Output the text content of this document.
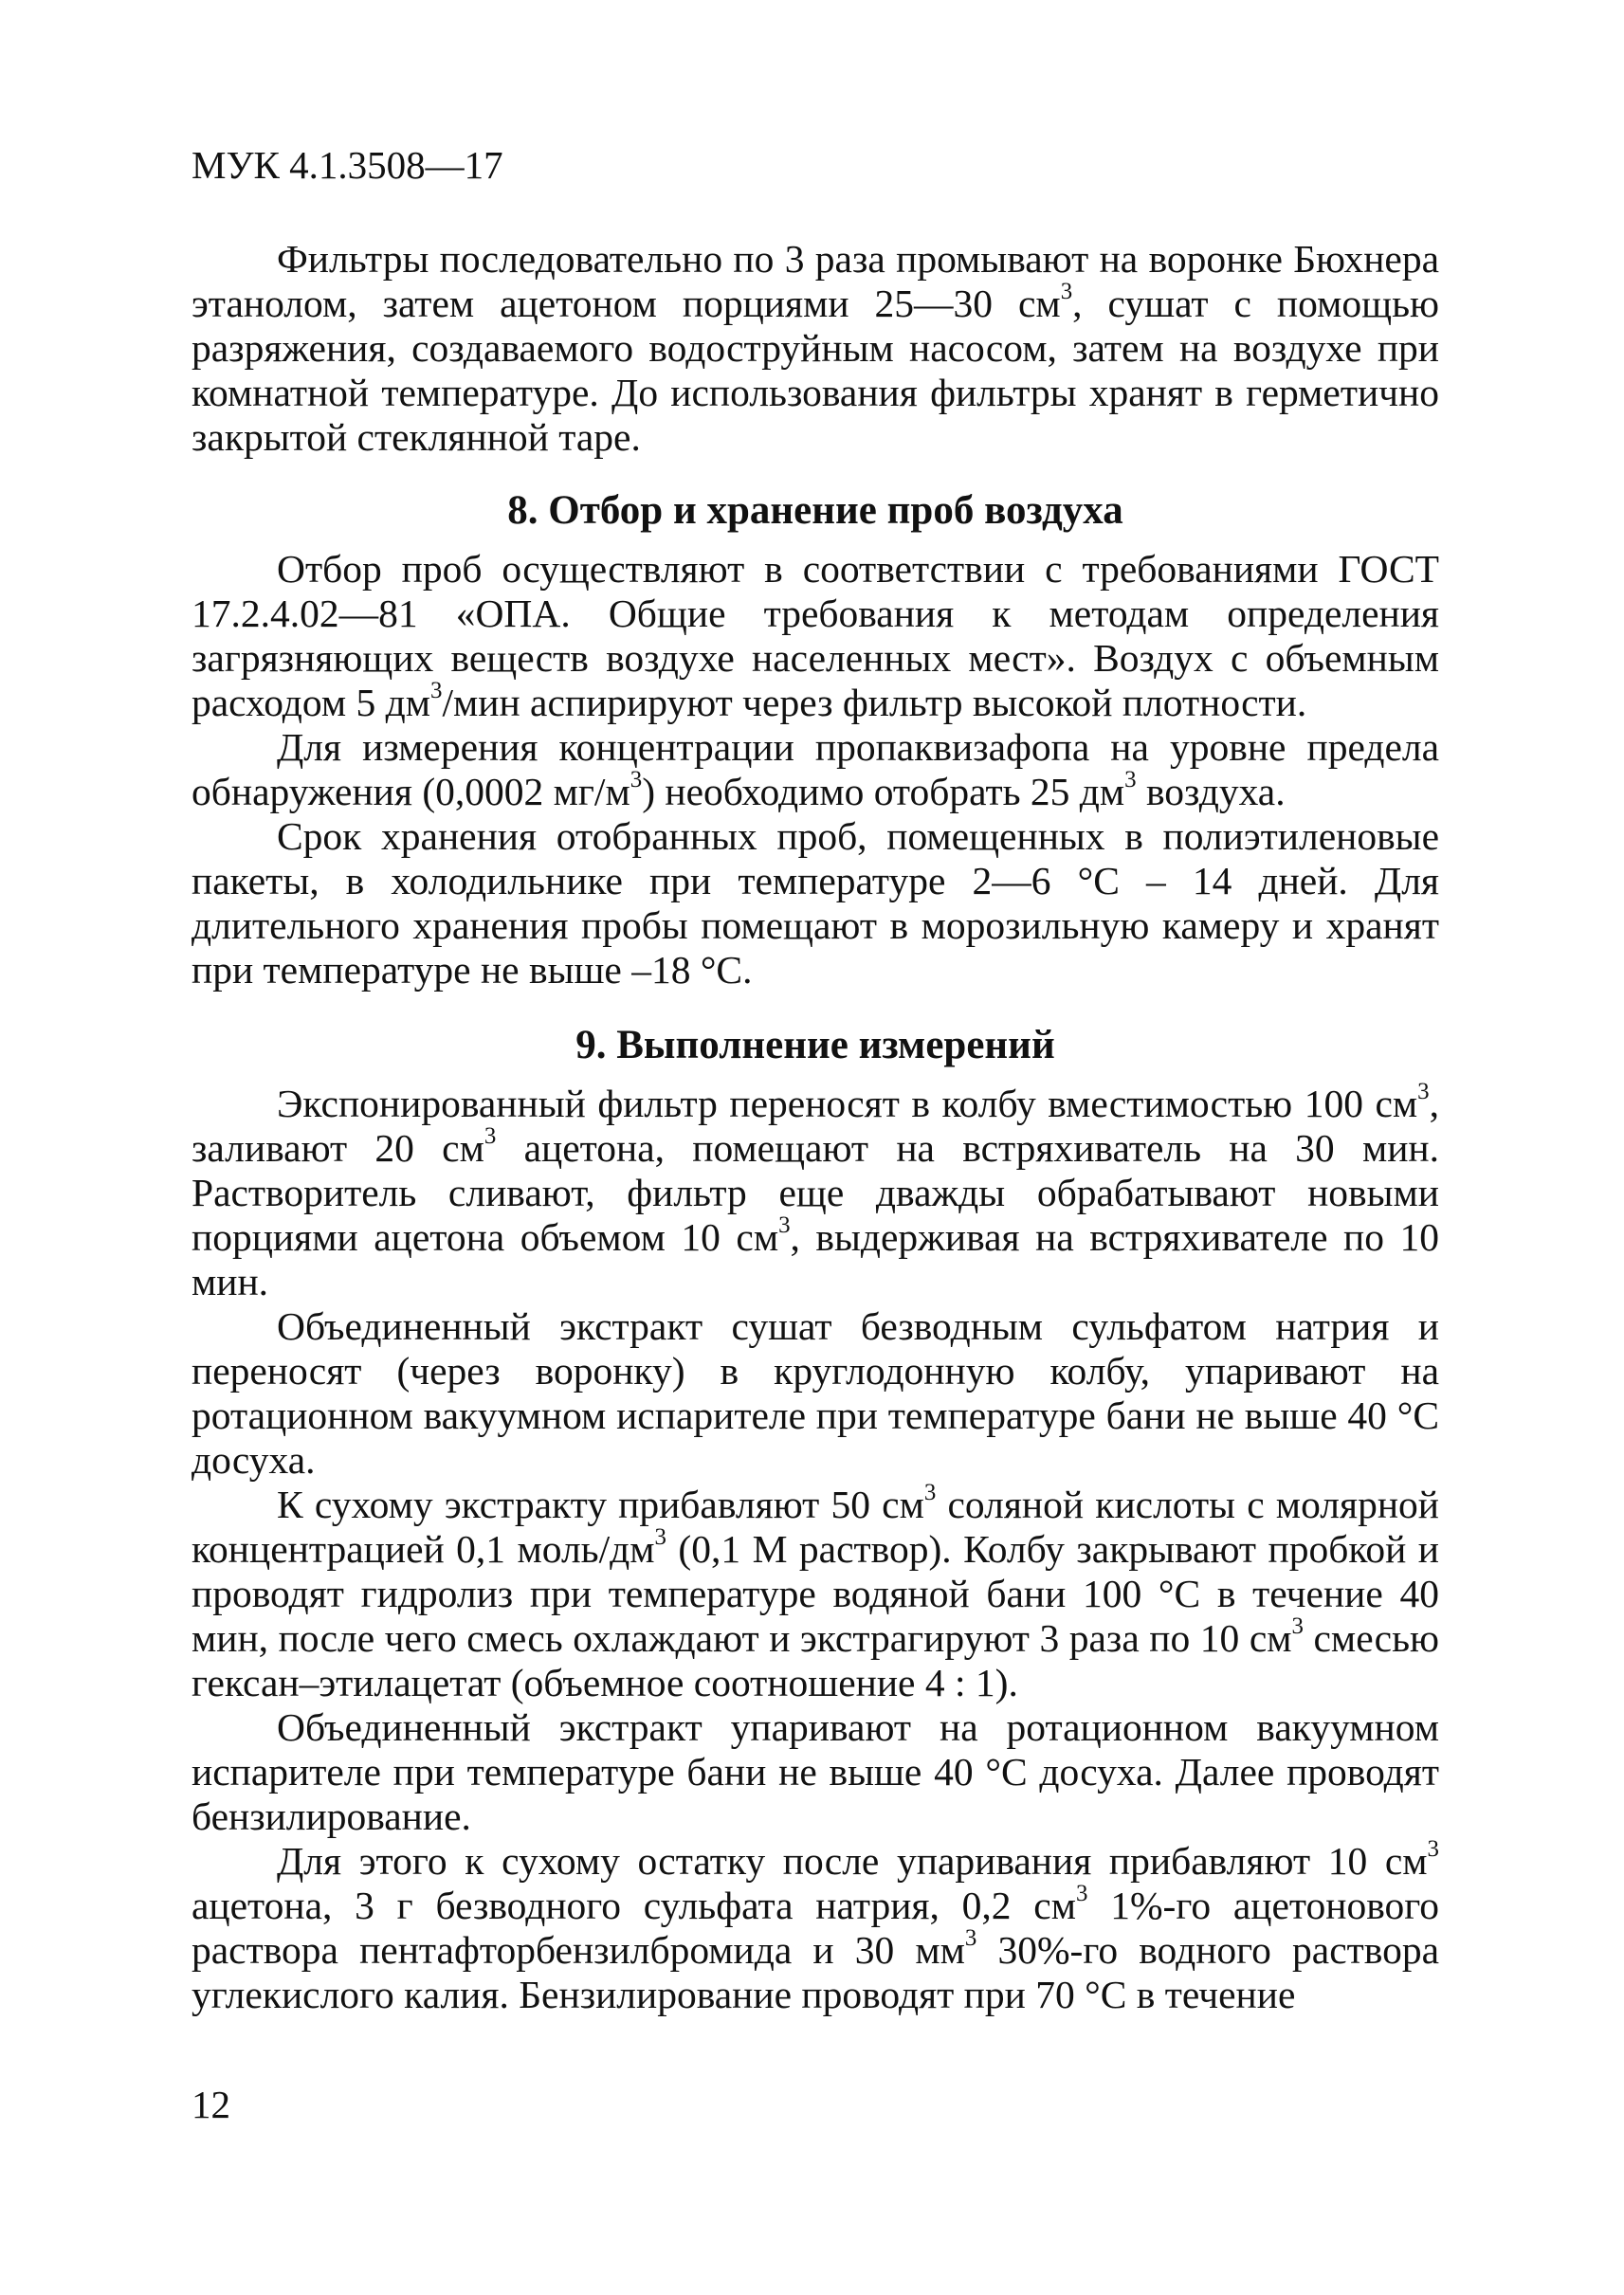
МУК 4.1.3508—17

Фильтры последовательно по 3 раза промывают на воронке Бюхнера этанолом, затем ацетоном порциями 25—30 $см^3$, сушат с помощью разряжения, создаваемого водоструйным насосом, затем на воздухе при комнатной температуре. До использования фильтры хранят в герметично закрытой стеклянной таре.

8. Отбор и хранение проб воздуха

Отбор проб осуществляют в соответствии с требованиями ГОСТ 17.2.4.02—81 «ОПА. Общие требования к методам определения загрязняющих веществ воздухе населенных мест». Воздух с объемным расходом 5 $дм^3$/мин аспирируют через фильтр высокой плотности.

Для измерения концентрации пропаквизафопа на уровне предела обнаружения (0,0002 $мг/м^3$) необходимо отобрать 25 $дм^3$ воздуха.

Срок хранения отобранных проб, помещенных в полиэтиленовые пакеты, в холодильнике при температуре 2—6 °С – 14 дней. Для длительного хранения пробы помещают в морозильную камеру и хранят при температуре не выше –18 °С.

9. Выполнение измерений

Экспонированный фильтр переносят в колбу вместимостью 100 $см^3$, заливают 20 $см^3$ ацетона, помещают на встряхиватель на 30 мин. Растворитель сливают, фильтр еще дважды обрабатывают новыми порциями ацетона объемом 10 $см^3$, выдерживая на встряхивателе по 10 мин.

Объединенный экстракт сушат безводным сульфатом натрия и переносят (через воронку) в круглодонную колбу, упаривают на ротационном вакуумном испарителе при температуре бани не выше 40 °С досуха.

К сухому экстракту прибавляют 50 $см^3$ соляной кислоты с молярной концентрацией 0,1 моль/$дм^3$ (0,1 М раствор). Колбу закрывают пробкой и проводят гидролиз при температуре водяной бани 100 °С в течение 40 мин, после чего смесь охлаждают и экстрагируют 3 раза по 10 $см^3$ смесью гексан–этилацетат (объемное соотношение 4 : 1).

Объединенный экстракт упаривают на ротационном вакуумном испарителе при температуре бани не выше 40 °С досуха. Далее проводят бензилирование.

Для этого к сухому остатку после упаривания прибавляют 10 $см^3$ ацетона, 3 г безводного сульфата натрия, 0,2 $см^3$ 1%-го ацетонового раствора пентафторбензилбромида и 30 $мм^3$ 30%-го водного раствора углекислого калия. Бензилирование проводят при 70 °С в течение

12
